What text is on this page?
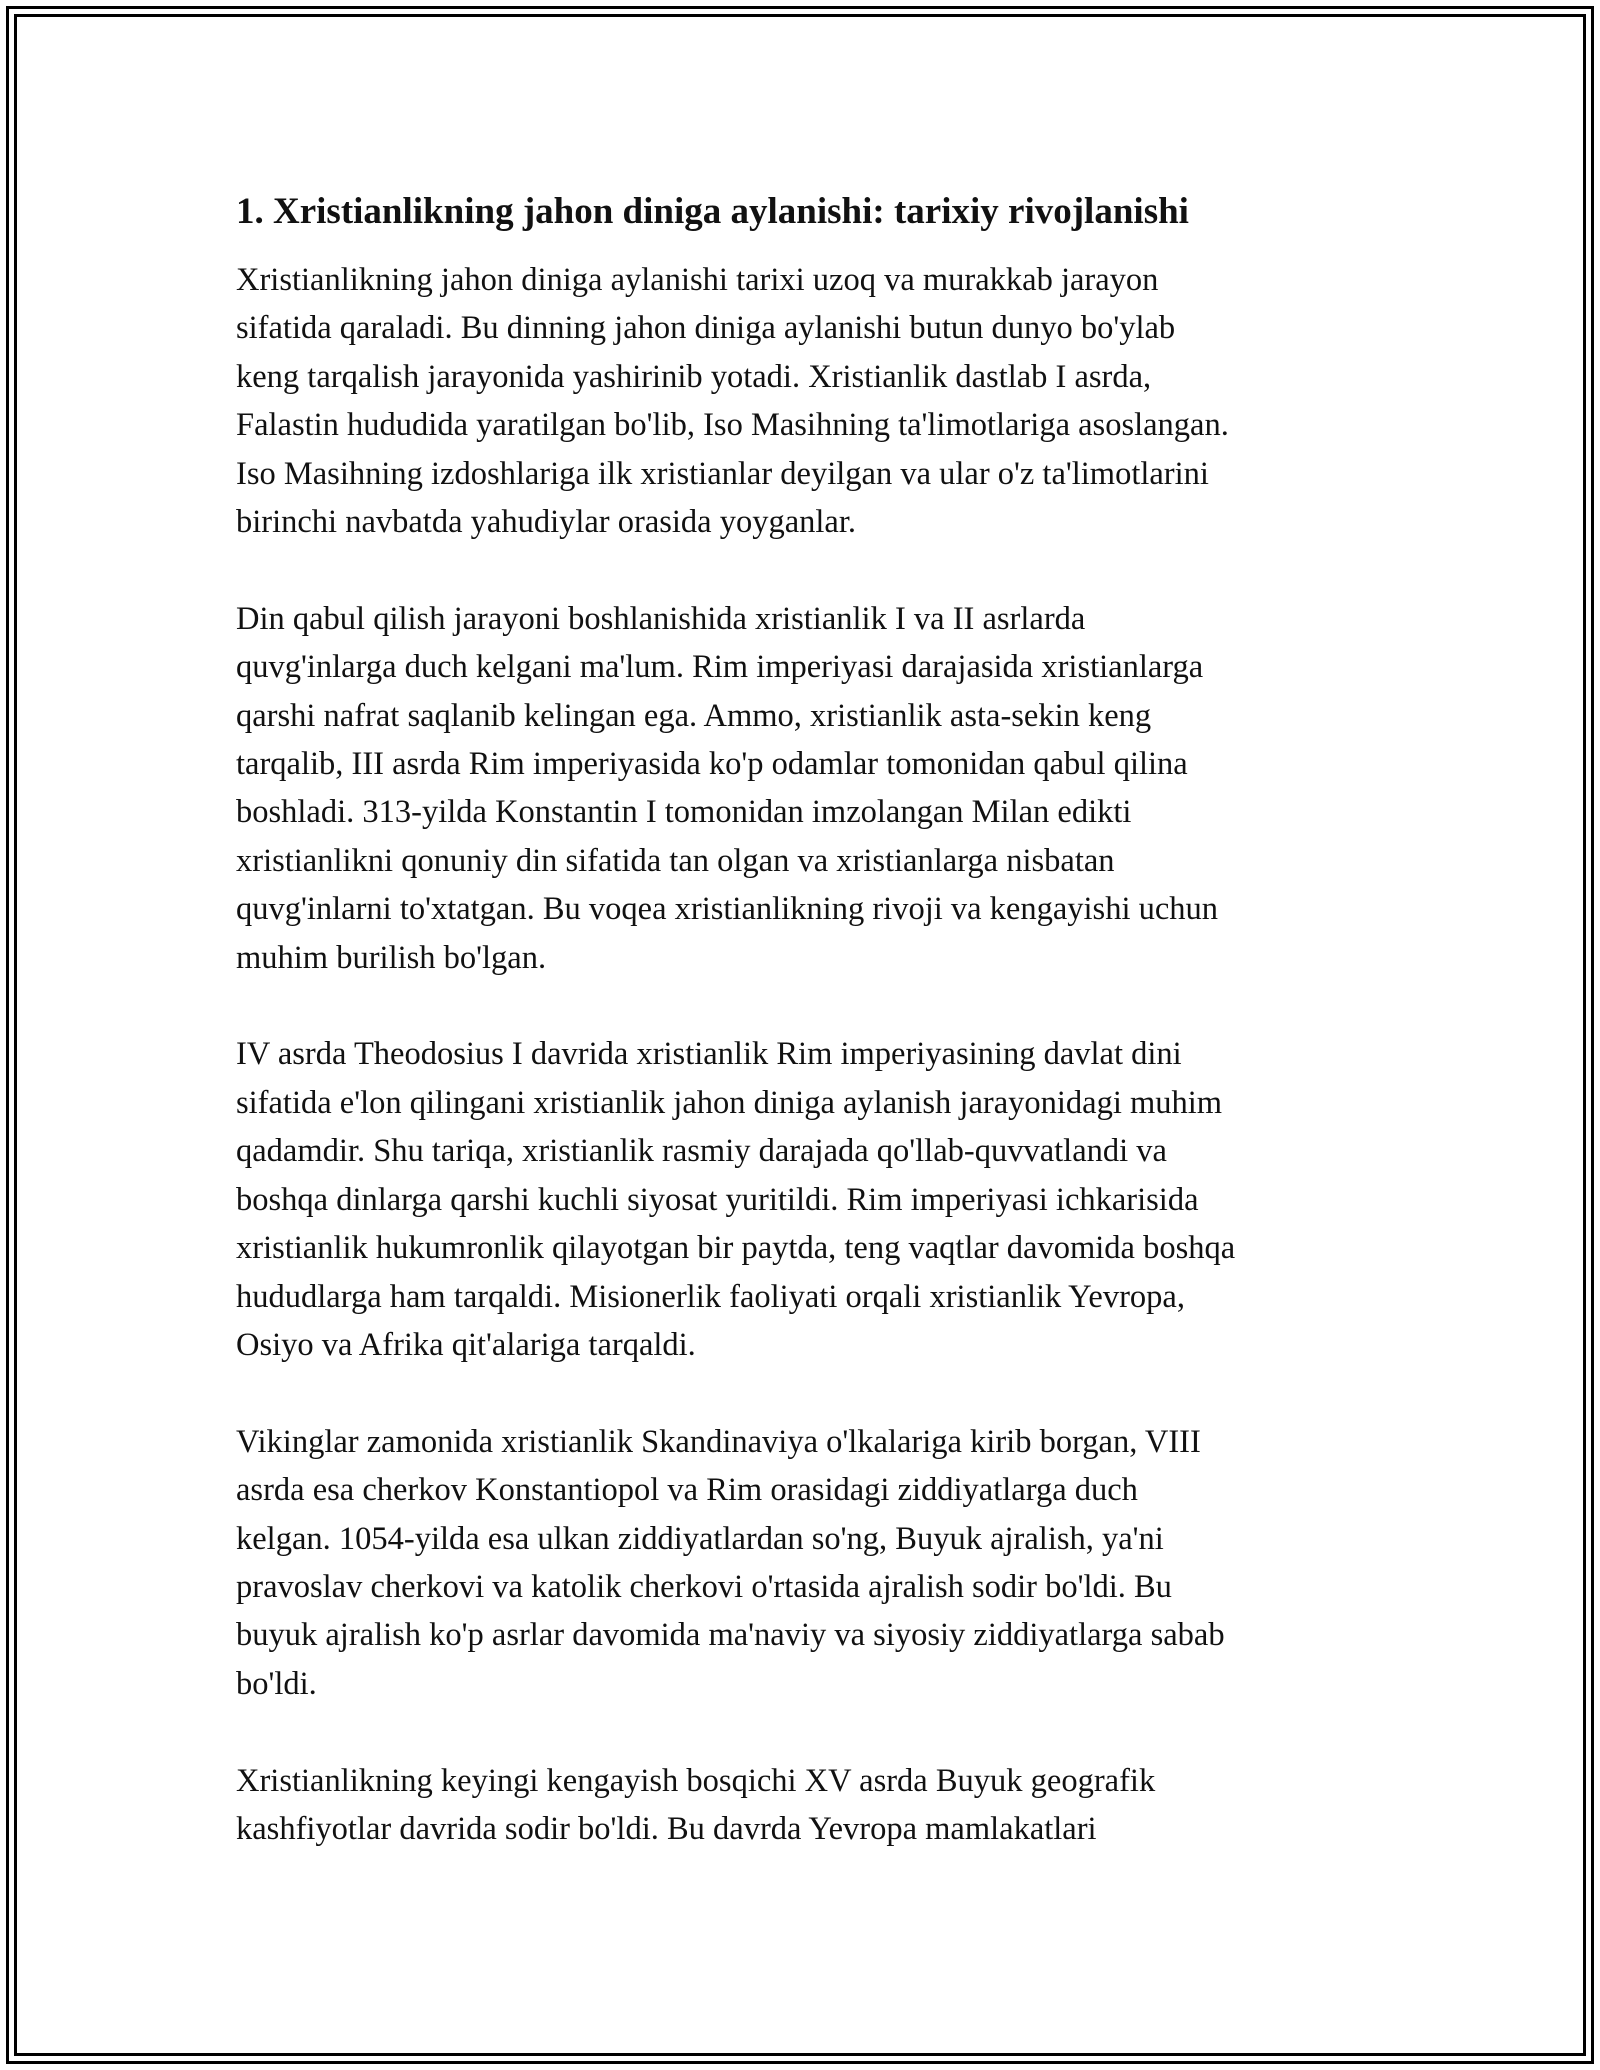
1. Xristianlikning jahon diniga aylanishi: tarixiy rivojlanishi

Xristianlikning jahon diniga aylanishi tarixi uzoq va murakkab jarayon
sifatida qaraladi. Bu dinning jahon diniga aylanishi butun dunyo bo'ylab
keng tarqalish jarayonida yashirinib yotadi. Xristianlik dastlab I asrda,
Falastin hududida yaratilgan bo'lib, Iso Masihning ta'limotlariga asoslangan.
Iso Masihning izdoshlariga ilk xristianlar deyilgan va ular o'z ta'limotlarini
birinchi navbatda yahudiylar orasida yoyganlar.

Din qabul qilish jarayoni boshlanishida xristianlik I va II asrlarda
quvg'inlarga duch kelgani ma'lum. Rim imperiyasi darajasida xristianlarga
qarshi nafrat saqlanib kelingan ega. Ammo, xristianlik asta-sekin keng
tarqalib, III asrda Rim imperiyasida ko'p odamlar tomonidan qabul qilina
boshladi. 313-yilda Konstantin I tomonidan imzolangan Milan edikti
xristianlikni qonuniy din sifatida tan olgan va xristianlarga nisbatan
quvg'inlarni to'xtatgan. Bu voqea xristianlikning rivoji va kengayishi uchun
muhim burilish bo'lgan.

IV asrda Theodosius I davrida xristianlik Rim imperiyasining davlat dini
sifatida e'lon qilingani xristianlik jahon diniga aylanish jarayonidagi muhim
qadamdir. Shu tariqa, xristianlik rasmiy darajada qo'llab-quvvatlandi va
boshqa dinlarga qarshi kuchli siyosat yuritildi. Rim imperiyasi ichkarisida
xristianlik hukumronlik qilayotgan bir paytda, teng vaqtlar davomida boshqa
hududlarga ham tarqaldi. Misionerlik faoliyati orqali xristianlik Yevropa,
Osiyo va Afrika qit'alariga tarqaldi.

Vikinglar zamonida xristianlik Skandinaviya o'lkalariga kirib borgan, VIII
asrda esa cherkov Konstantiopol va Rim orasidagi ziddiyatlarga duch
kelgan. 1054-yilda esa ulkan ziddiyatlardan so'ng, Buyuk ajralish, ya'ni
pravoslav cherkovi va katolik cherkovi o'rtasida ajralish sodir bo'ldi. Bu
buyuk ajralish ko'p asrlar davomida ma'naviy va siyosiy ziddiyatlarga sabab
bo'ldi.

Xristianlikning keyingi kengayish bosqichi XV asrda Buyuk geografik
kashfiyotlar davrida sodir bo'ldi. Bu davrda Yevropa mamlakatlari
